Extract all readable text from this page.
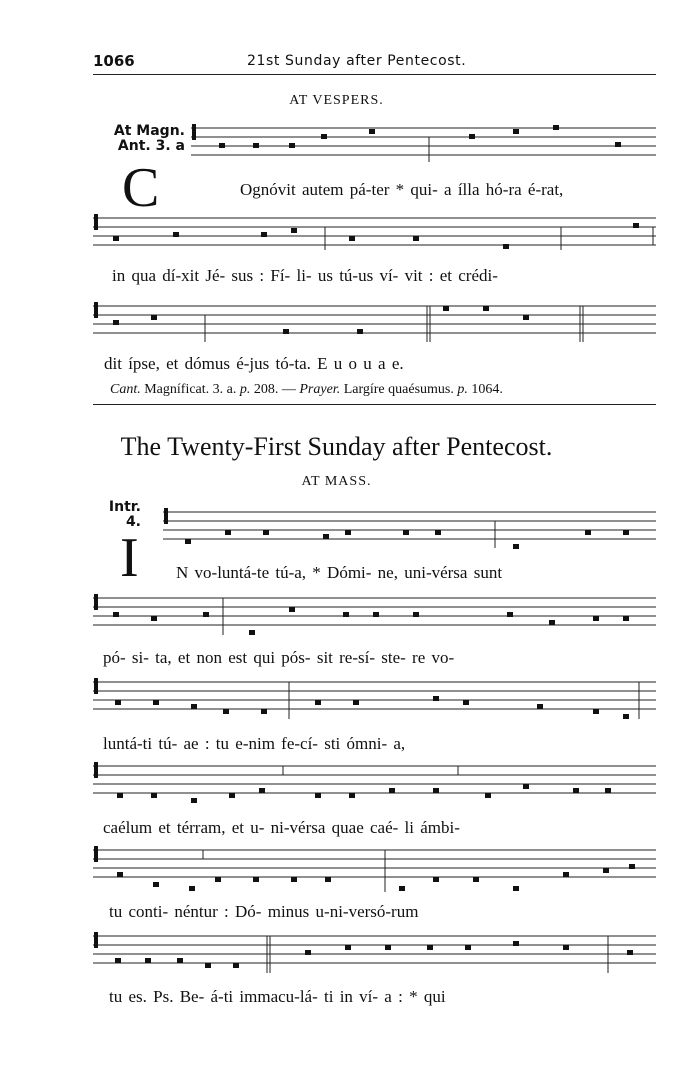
1066	21st Sunday after Pentecost.
AT VESPERS.
At Magn.
Ant. 3. a
C	Ognóvit autem pá-ter * qui- a ílla hó-ra é-rat,
in qua dí-xit Jé- sus : Fí- li- us tú-us ví- vit : et crédi-
dit ípse, et dómus é-jus tó-ta. E u o u a e.
Cant. Magníficat. 3. a. p. 208. — Prayer. Largíre quaésumus. p. 1064.
The Twenty-First Sunday after Pentecost.
AT MASS.
Intr.
4.
I N vo-luntá-te tú-a, * Dómi- ne, uni-vérsa sunt
pó- si- ta, et non est qui pós- sit re-sí- ste- re vo-
luntá-ti tú- ae : tu e-nim fe-cí- sti ómni- a,
caélum et térram, et u- ni-vérsa quae caé- li ámbi-
tu conti- néntur : Dó- minus u-ni-versó-rum
tu es. Ps. Be- á-ti immacu-lá- ti in ví- a : * qui
